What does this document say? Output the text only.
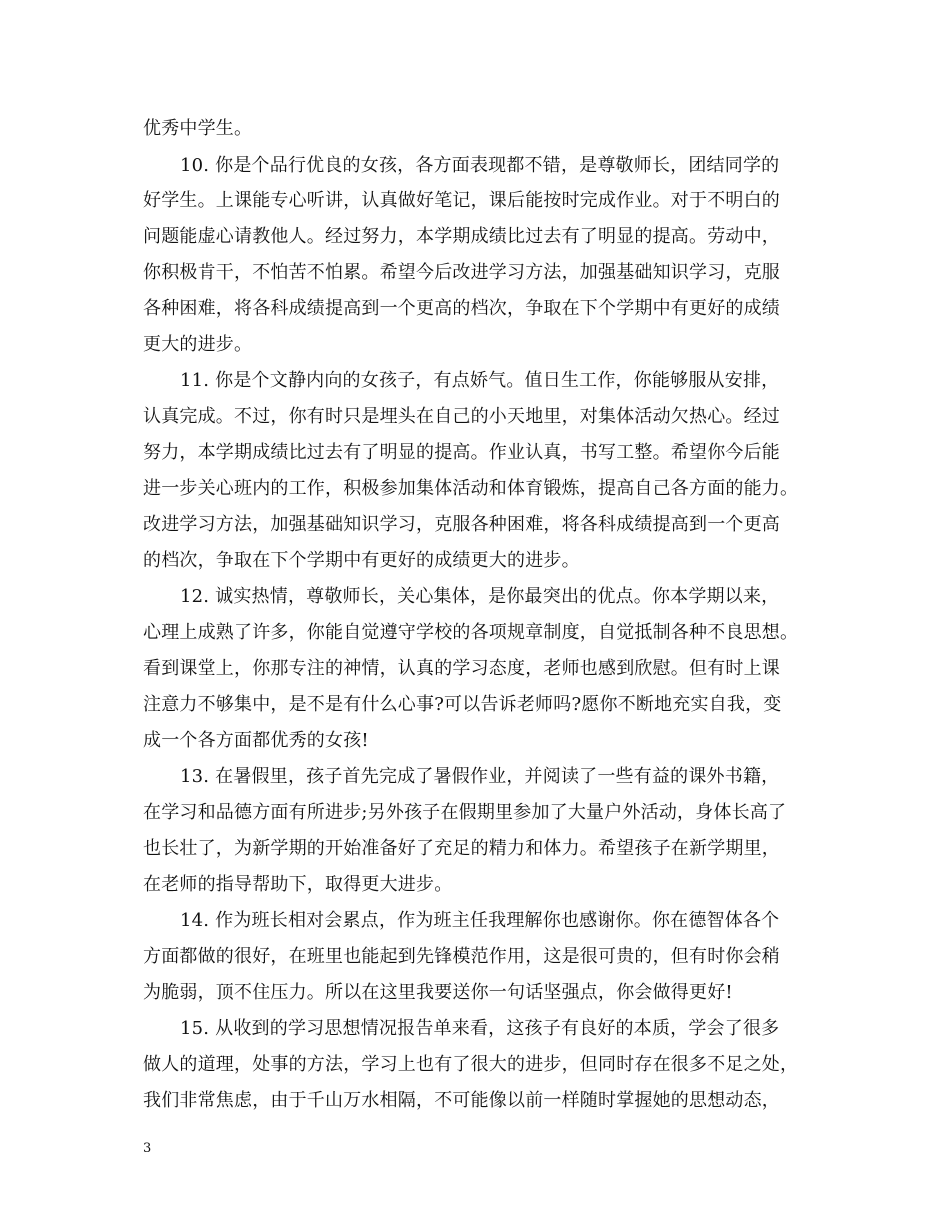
优秀中学生。
10. 你是个品行优良的女孩，各方面表现都不错，是尊敬师长，团结同学的
好学生。上课能专心听讲，认真做好笔记，课后能按时完成作业。对于不明白的
问题能虚心请教他人。经过努力，本学期成绩比过去有了明显的提高。劳动中，
你积极肯干，不怕苦不怕累。希望今后改进学习方法，加强基础知识学习，克服
各种困难，将各科成绩提高到一个更高的档次，争取在下个学期中有更好的成绩
更大的进步。
11. 你是个文静内向的女孩子，有点娇气。值日生工作，你能够服从安排，
认真完成。不过，你有时只是埋头在自己的小天地里，对集体活动欠热心。经过
努力，本学期成绩比过去有了明显的提高。作业认真，书写工整。希望你今后能
进一步关心班内的工作，积极参加集体活动和体育锻炼，提高自己各方面的能力。
改进学习方法，加强基础知识学习，克服各种困难，将各科成绩提高到一个更高
的档次，争取在下个学期中有更好的成绩更大的进步。
12. 诚实热情，尊敬师长，关心集体，是你最突出的优点。你本学期以来，
心理上成熟了许多，你能自觉遵守学校的各项规章制度，自觉抵制各种不良思想。
看到课堂上，你那专注的神情，认真的学习态度，老师也感到欣慰。但有时上课
注意力不够集中，是不是有什么心事?可以告诉老师吗?愿你不断地充实自我，变
成一个各方面都优秀的女孩!
13. 在暑假里，孩子首先完成了暑假作业，并阅读了一些有益的课外书籍，
在学习和品德方面有所进步;另外孩子在假期里参加了大量户外活动，身体长高了
也长壮了，为新学期的开始准备好了充足的精力和体力。希望孩子在新学期里，
在老师的指导帮助下，取得更大进步。
14. 作为班长相对会累点，作为班主任我理解你也感谢你。你在德智体各个
方面都做的很好，在班里也能起到先锋模范作用，这是很可贵的，但有时你会稍
为脆弱，顶不住压力。所以在这里我要送你一句话坚强点，你会做得更好!
15. 从收到的学习思想情况报告单来看，这孩子有良好的本质，学会了很多
做人的道理，处事的方法，学习上也有了很大的进步，但同时存在很多不足之处，
我们非常焦虑，由于千山万水相隔，不可能像以前一样随时掌握她的思想动态，
3
